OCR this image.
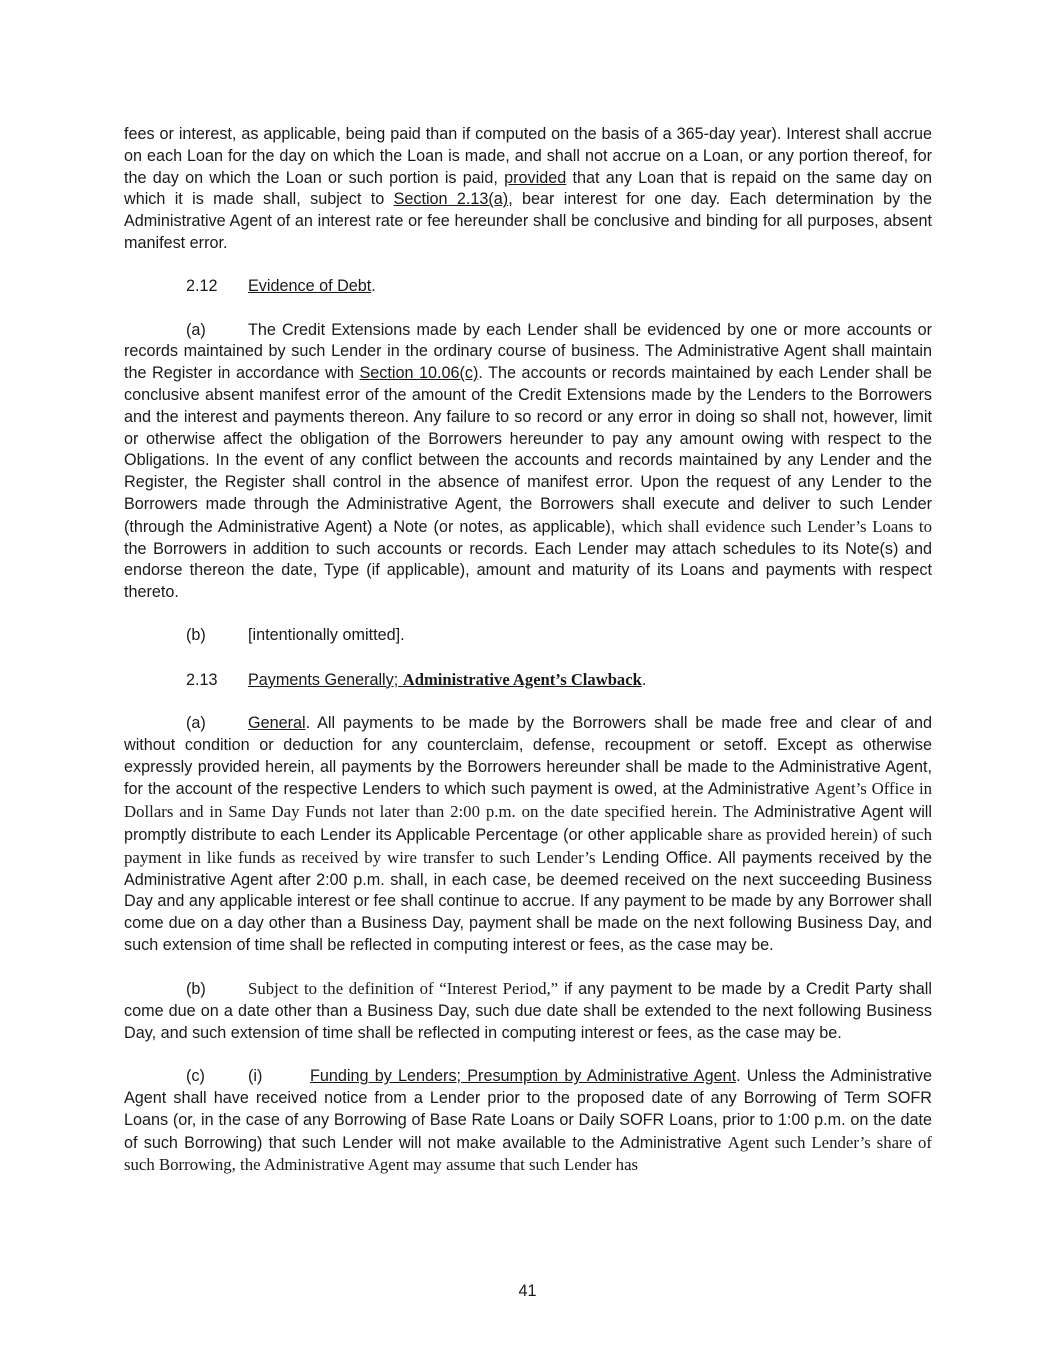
fees or interest, as applicable, being paid than if computed on the basis of a 365-day year). Interest shall accrue on each Loan for the day on which the Loan is made, and shall not accrue on a Loan, or any portion thereof, for the day on which the Loan or such portion is paid, provided that any Loan that is repaid on the same day on which it is made shall, subject to Section 2.13(a), bear interest for one day. Each determination by the Administrative Agent of an interest rate or fee hereunder shall be conclusive and binding for all purposes, absent manifest error.

2.12 Evidence of Debt.

(a)	The Credit Extensions made by each Lender shall be evidenced by one or more accounts or records maintained by such Lender in the ordinary course of business. The Administrative Agent shall maintain the Register in accordance with Section 10.06(c). The accounts or records maintained by each Lender shall be conclusive absent manifest error of the amount of the Credit Extensions made by the Lenders to the Borrowers and the interest and payments thereon. Any failure to so record or any error in doing so shall not, however, limit or otherwise affect the obligation of the Borrowers hereunder to pay any amount owing with respect to the Obligations. In the event of any conflict between the accounts and records maintained by any Lender and the Register, the Register shall control in the absence of manifest error. Upon the request of any Lender to the Borrowers made through the Administrative Agent, the Borrowers shall execute and deliver to such Lender (through the Administrative Agent) a Note (or notes, as applicable), which shall evidence such Lender’s Loans to the Borrowers in addition to such accounts or records. Each Lender may attach schedules to its Note(s) and endorse thereon the date, Type (if applicable), amount and maturity of its Loans and payments with respect thereto.

(b)	[intentionally omitted].

2.13 Payments Generally; Administrative Agent’s Clawback.

(a)	General. All payments to be made by the Borrowers shall be made free and clear of and without condition or deduction for any counterclaim, defense, recoupment or setoff. Except as otherwise expressly provided herein, all payments by the Borrowers hereunder shall be made to the Administrative Agent, for the account of the respective Lenders to which such payment is owed, at the Administrative Agent’s Office in Dollars and in Same Day Funds not later than 2:00 p.m. on the date specified herein. The Administrative Agent will promptly distribute to each Lender its Applicable Percentage (or other applicable share as provided herein) of such payment in like funds as received by wire transfer to such Lender’s Lending Office. All payments received by the Administrative Agent after 2:00 p.m. shall, in each case, be deemed received on the next succeeding Business Day and any applicable interest or fee shall continue to accrue. If any payment to be made by any Borrower shall come due on a day other than a Business Day, payment shall be made on the next following Business Day, and such extension of time shall be reflected in computing interest or fees, as the case may be.

(b)	Subject to the definition of “Interest Period,” if any payment to be made by a Credit Party shall come due on a date other than a Business Day, such due date shall be extended to the next following Business Day, and such extension of time shall be reflected in computing interest or fees, as the case may be.

(c)	(i)	Funding by Lenders; Presumption by Administrative Agent. Unless the Administrative Agent shall have received notice from a Lender prior to the proposed date of any Borrowing of Term SOFR Loans (or, in the case of any Borrowing of Base Rate Loans or Daily SOFR Loans, prior to 1:00 p.m. on the date of such Borrowing) that such Lender will not make available to the Administrative Agent such Lender’s share of such Borrowing, the Administrative Agent may assume that such Lender has

41
